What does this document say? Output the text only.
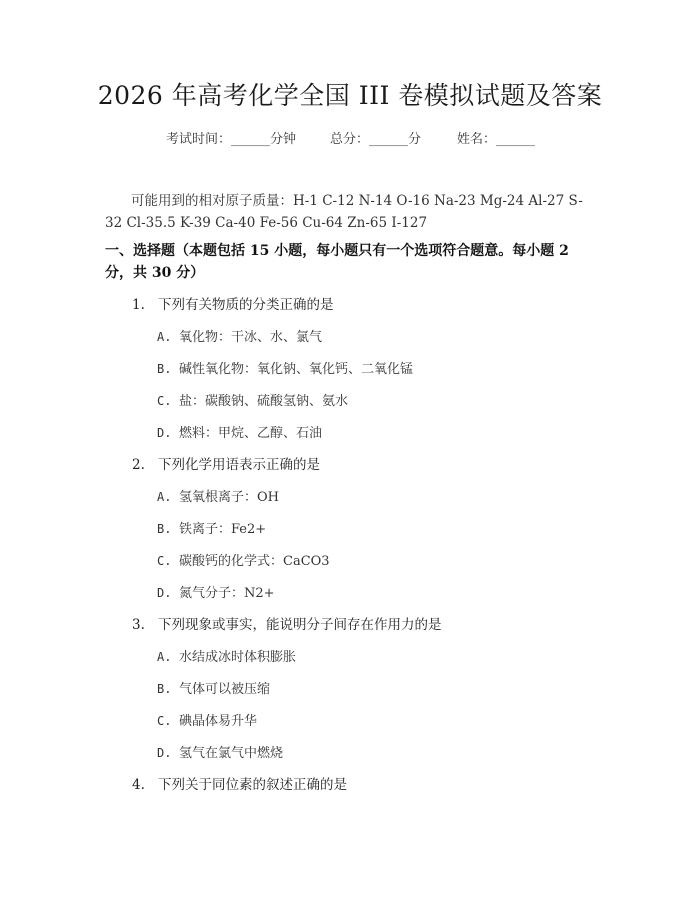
2026 年高考化学全国 III 卷模拟试题及答案
考试时间：______分钟	总分：______分	姓名：______
可能用到的相对原子质量：H-1 C-12 N-14 O-16 Na-23 Mg-24 Al-27 S-32 Cl-35.5 K-39 Ca-40 Fe-56 Cu-64 Zn-65 I-127
一、选择题（本题包括 15 小题，每小题只有一个选项符合题意。每小题 2 分，共 30 分）
1. 下列有关物质的分类正确的是
A. 氧化物：干冰、水、氯气
B. 碱性氧化物：氧化钠、氧化钙、二氧化锰
C. 盐：碳酸钠、硫酸氢钠、氨水
D. 燃料：甲烷、乙醇、石油
2. 下列化学用语表示正确的是
A. 氢氧根离子：OH
B. 铁离子：Fe2+
C. 碳酸钙的化学式：CaCO3
D. 氮气分子：N2+
3. 下列现象或事实，能说明分子间存在作用力的是
A. 水结成冰时体积膨胀
B. 气体可以被压缩
C. 碘晶体易升华
D. 氢气在氯气中燃烧
4. 下列关于同位素的叙述正确的是
